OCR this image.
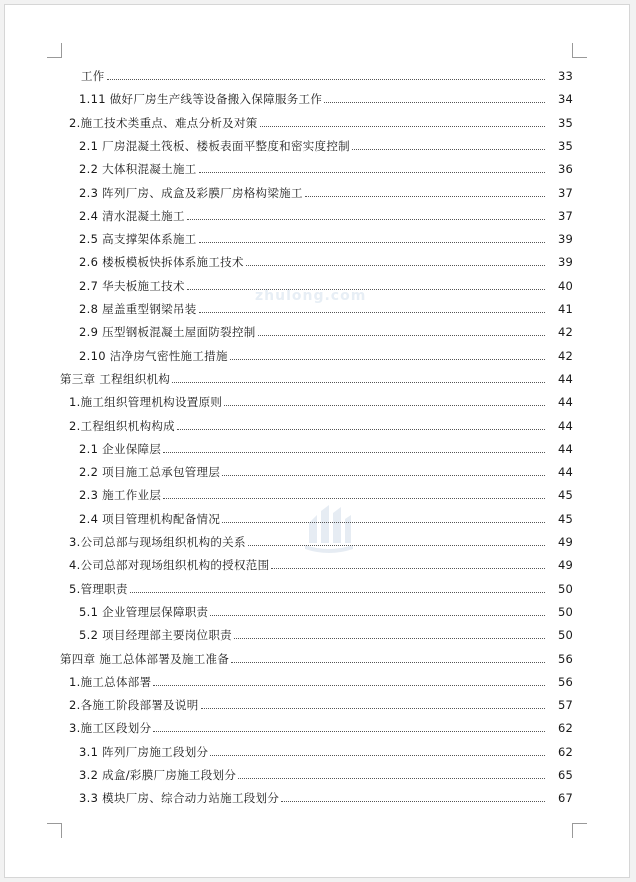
zhulong.com
工作	33
1.11 做好厂房生产线等设备搬入保障服务工作	34
2.施工技术类重点、难点分析及对策	35
2.1 厂房混凝土筏板、楼板表面平整度和密实度控制	35
2.2 大体积混凝土施工	36
2.3 阵列厂房、成盒及彩膜厂房格构梁施工	37
2.4 清水混凝土施工	37
2.5 高支撑架体系施工	39
2.6 楼板模板快拆体系施工技术	39
2.7 华夫板施工技术	40
2.8 屋盖重型钢梁吊装	41
2.9 压型钢板混凝土屋面防裂控制	42
2.10 洁净房气密性施工措施	42
第三章 工程组织机构	44
1.施工组织管理机构设置原则	44
2.工程组织机构构成	44
2.1 企业保障层	44
2.2 项目施工总承包管理层	44
2.3 施工作业层	45
2.4 项目管理机构配备情况	45
3.公司总部与现场组织机构的关系	49
4.公司总部对现场组织机构的授权范围	49
5.管理职责	50
5.1 企业管理层保障职责	50
5.2 项目经理部主要岗位职责	50
第四章 施工总体部署及施工准备	56
1.施工总体部署	56
2.各施工阶段部署及说明	57
3.施工区段划分	62
3.1 阵列厂房施工段划分	62
3.2 成盒/彩膜厂房施工段划分	65
3.3 模块厂房、综合动力站施工段划分	67
